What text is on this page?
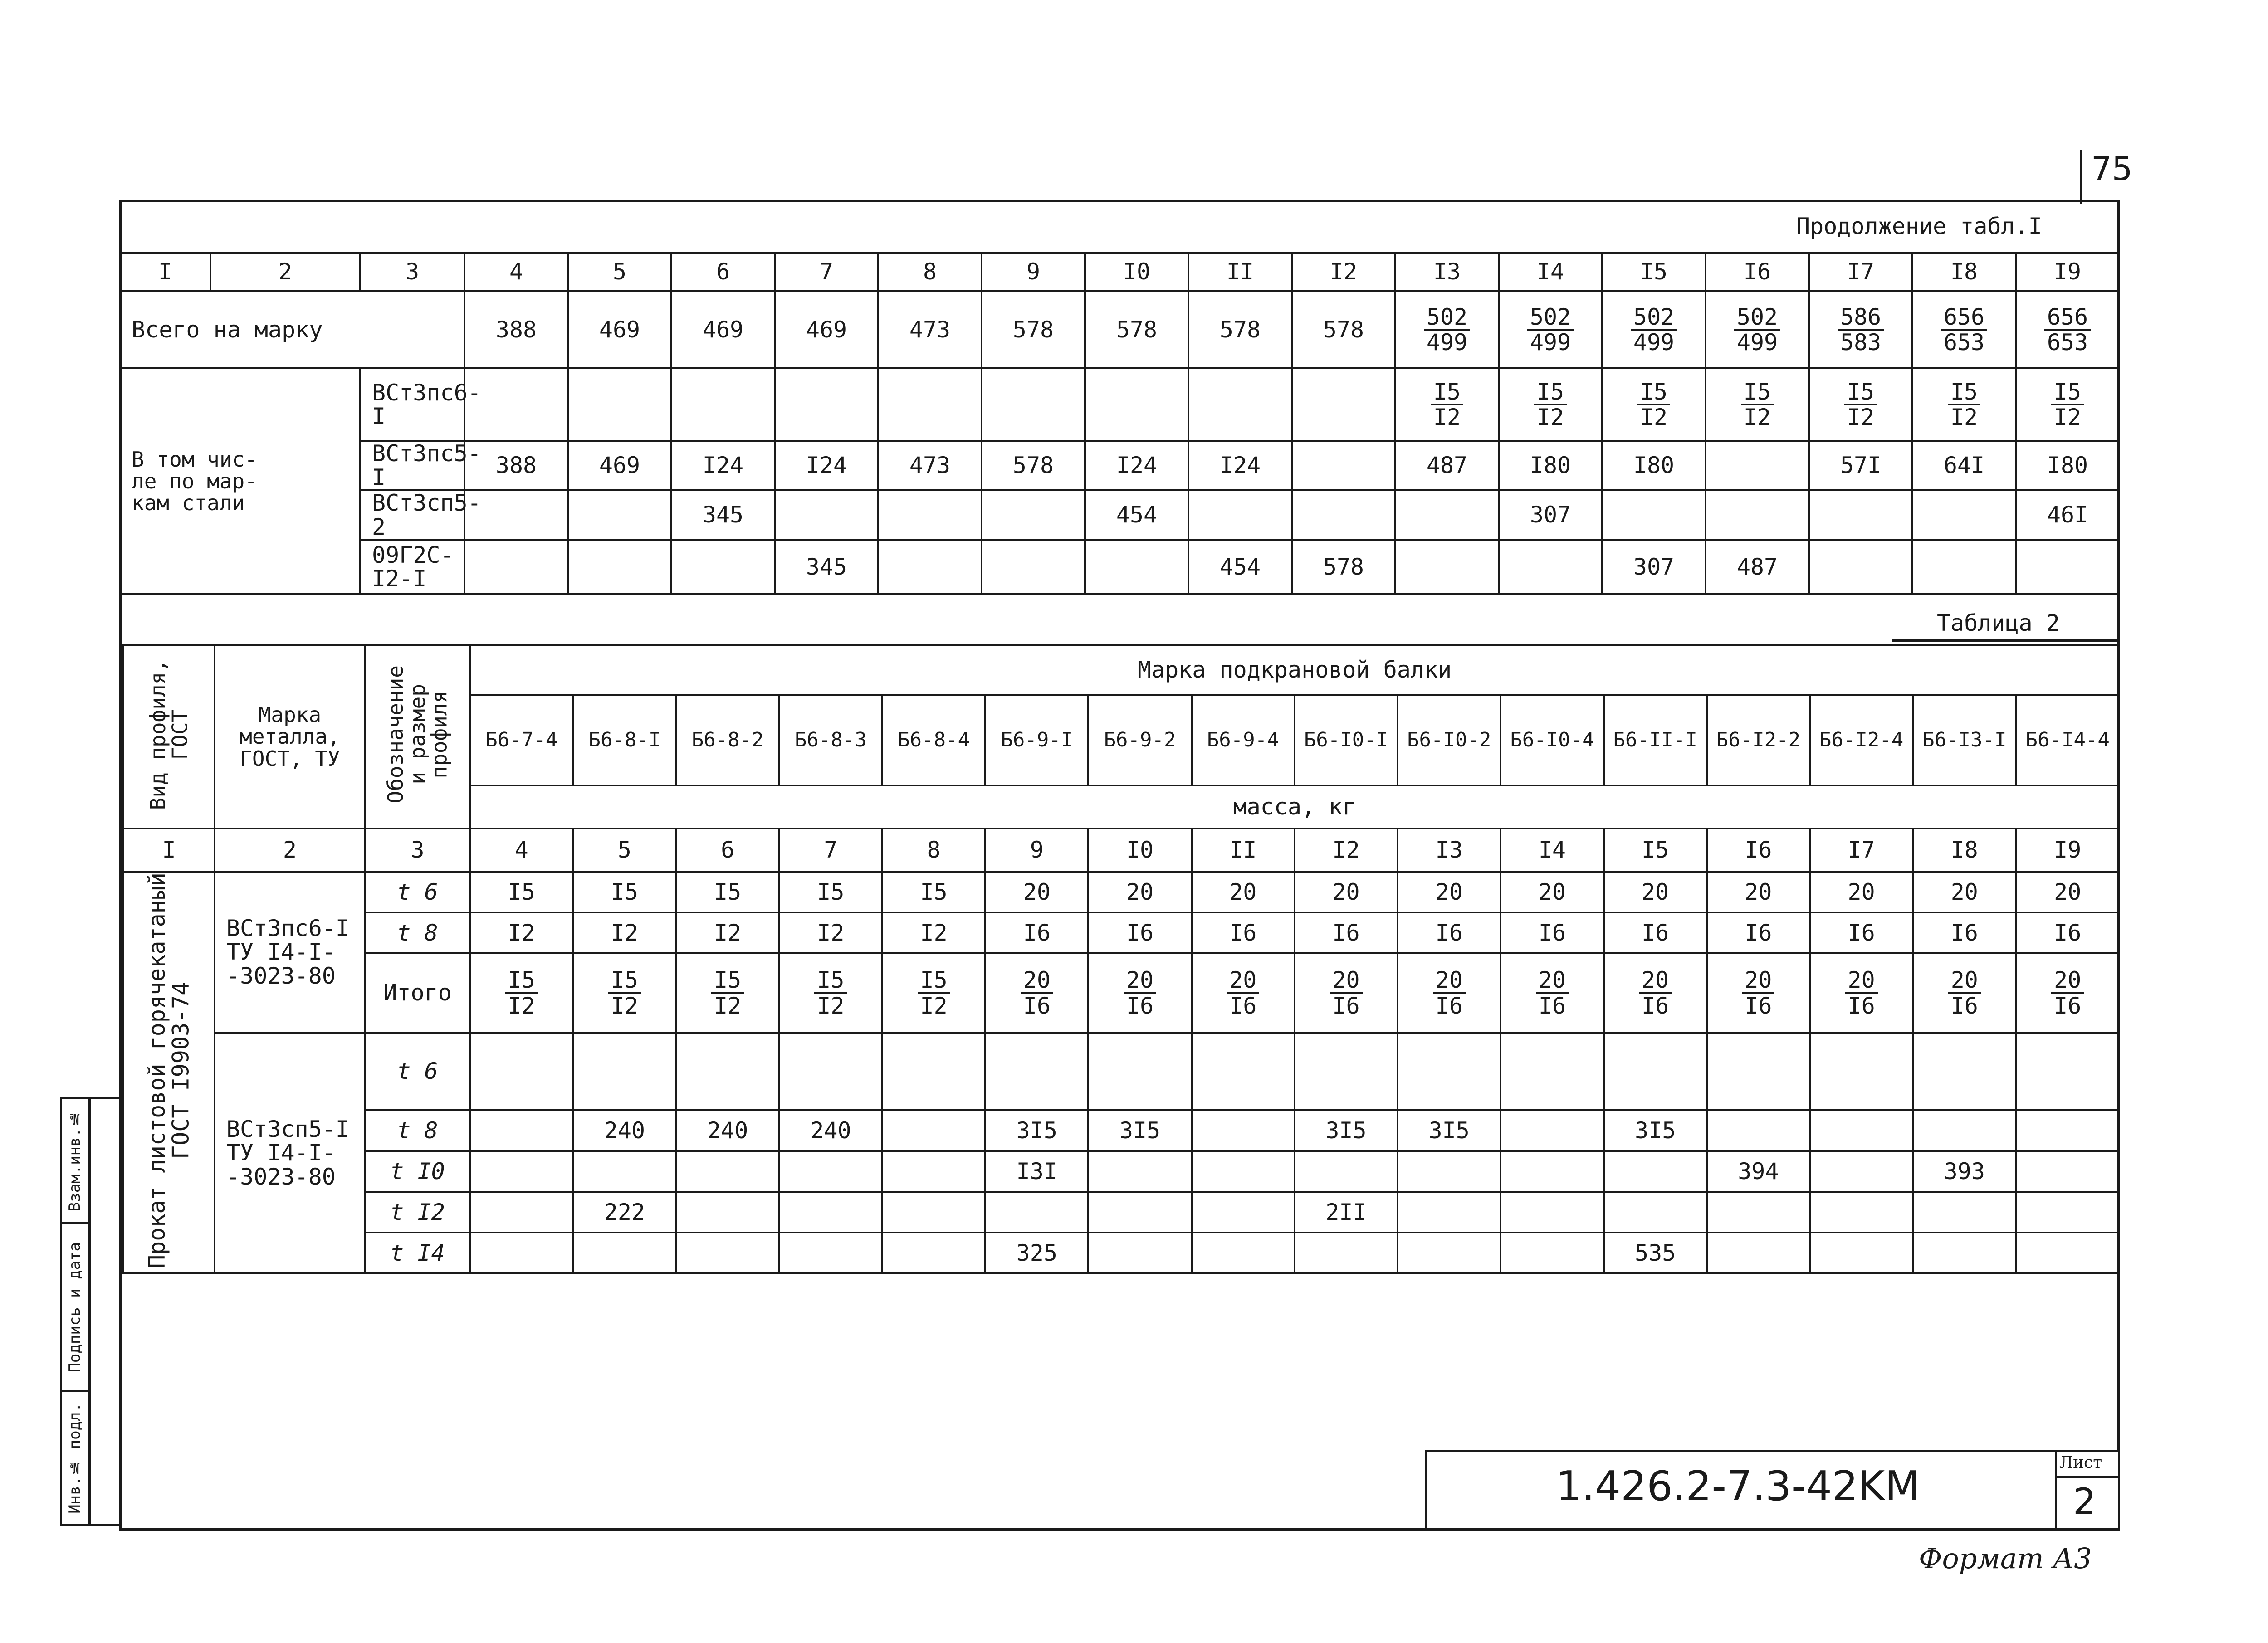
75
Продолжение табл.I
I	2	3	4	5	6	7	8	9	I0	II	I2	I3	I4	I5	I6	I7	I8	I9
Всего на марку			388	469	469	469	473	578	578	578	578	$\frac{502}{499}$	$\frac{502}{499}$	$\frac{502}{499}$	$\frac{502}{499}$	$\frac{586}{583}$	$\frac{656}{653}$	$\frac{656}{653}$

В том чис-
ле по мар-
кам стали		ВСт3пс6-I										$\frac{I5}{I2}$	$\frac{I5}{I2}$	$\frac{I5}{I2}$	$\frac{I5}{I2}$	$\frac{I5}{I2}$	$\frac{I5}{I2}$	$\frac{I5}{I2}$

		ВСт3пс5-I	388	469	I24	I24	473	578	I24	I24		487	I80	I80		57I	64I	I80
		ВСт3сп5-2			345				454				307					46I
		09Г2С-I2-I				345				454	578			307	487			
Таблица 2
Вид профиля,
ГОСТ	Марка
металла,
ГОСТ, ТУ	Обозначение
и размер
профиля	Марка подкрановой балки															
			Б6-7-4	Б6-8-I	Б6-8-2	Б6-8-3	Б6-8-4	Б6-9-I	Б6-9-2	Б6-9-4	Б6-I0-I	Б6-I0-2	Б6-I0-4	Б6-II-I	Б6-I2-2	Б6-I2-4	Б6-I3-I	Б6-I4-4
			масса, кг															
I	2	3	4	5	6	7	8	9	I0	II	I2	I3	I4	I5	I6	I7	I8	I9
Прокат листовой горячекатаный
ГОСТ I9903-74	ВСт3пс6-I
ТУ I4-I-
-3023-80	t 6	I5	I5	I5	I5	I5	20	20	20	20	20	20	20	20	20	20	20
		t 8	I2	I2	I2	I2	I2	I6	I6	I6	I6	I6	I6	I6	I6	I6	I6	I6
		Итого	$\frac{I5}{I2}$	$\frac{I5}{I2}$	$\frac{I5}{I2}$	$\frac{I5}{I2}$	$\frac{I5}{I2}$	$\frac{20}{I6}$	$\frac{20}{I6}$	$\frac{20}{I6}$	$\frac{20}{I6}$	$\frac{20}{I6}$	$\frac{20}{I6}$	$\frac{20}{I6}$	$\frac{20}{I6}$	$\frac{20}{I6}$	$\frac{20}{I6}$	$\frac{20}{I6}$

	ВСт3сп5-I
ТУ I4-I-
-3023-80	t 6																
		t 8		240	240	240		3I5	3I5		3I5	3I5		3I5				
		t I0						I3I							394		393	
		t I2		222							2II							
		t I4						325						535				
Инв.№ подл.
Подпись и дата
Взам.инв.№
1.426.2-7.3-42KM	Лист
2
Формат А3
